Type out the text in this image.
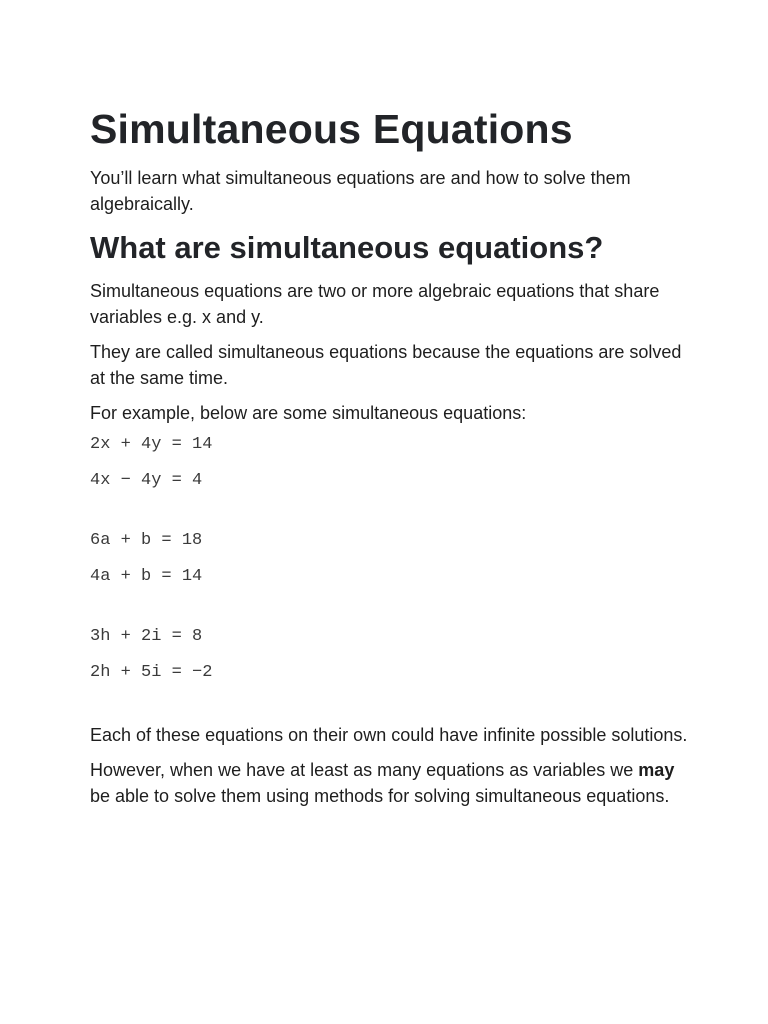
Simultaneous Equations

You’ll learn what simultaneous equations are and how to solve them algebraically.

What are simultaneous equations?

Simultaneous equations are two or more algebraic equations that share variables e.g. x and y.

They are called simultaneous equations because the equations are solved at the same time.

For example, below are some simultaneous equations:

2x + 4y = 14

4x − 4y = 4

6a + b = 18

4a + b = 14

3h + 2i = 8

2h + 5i = −2

Each of these equations on their own could have infinite possible solutions.

However, when we have at least as many equations as variables we may be able to solve them using methods for solving simultaneous equations.
